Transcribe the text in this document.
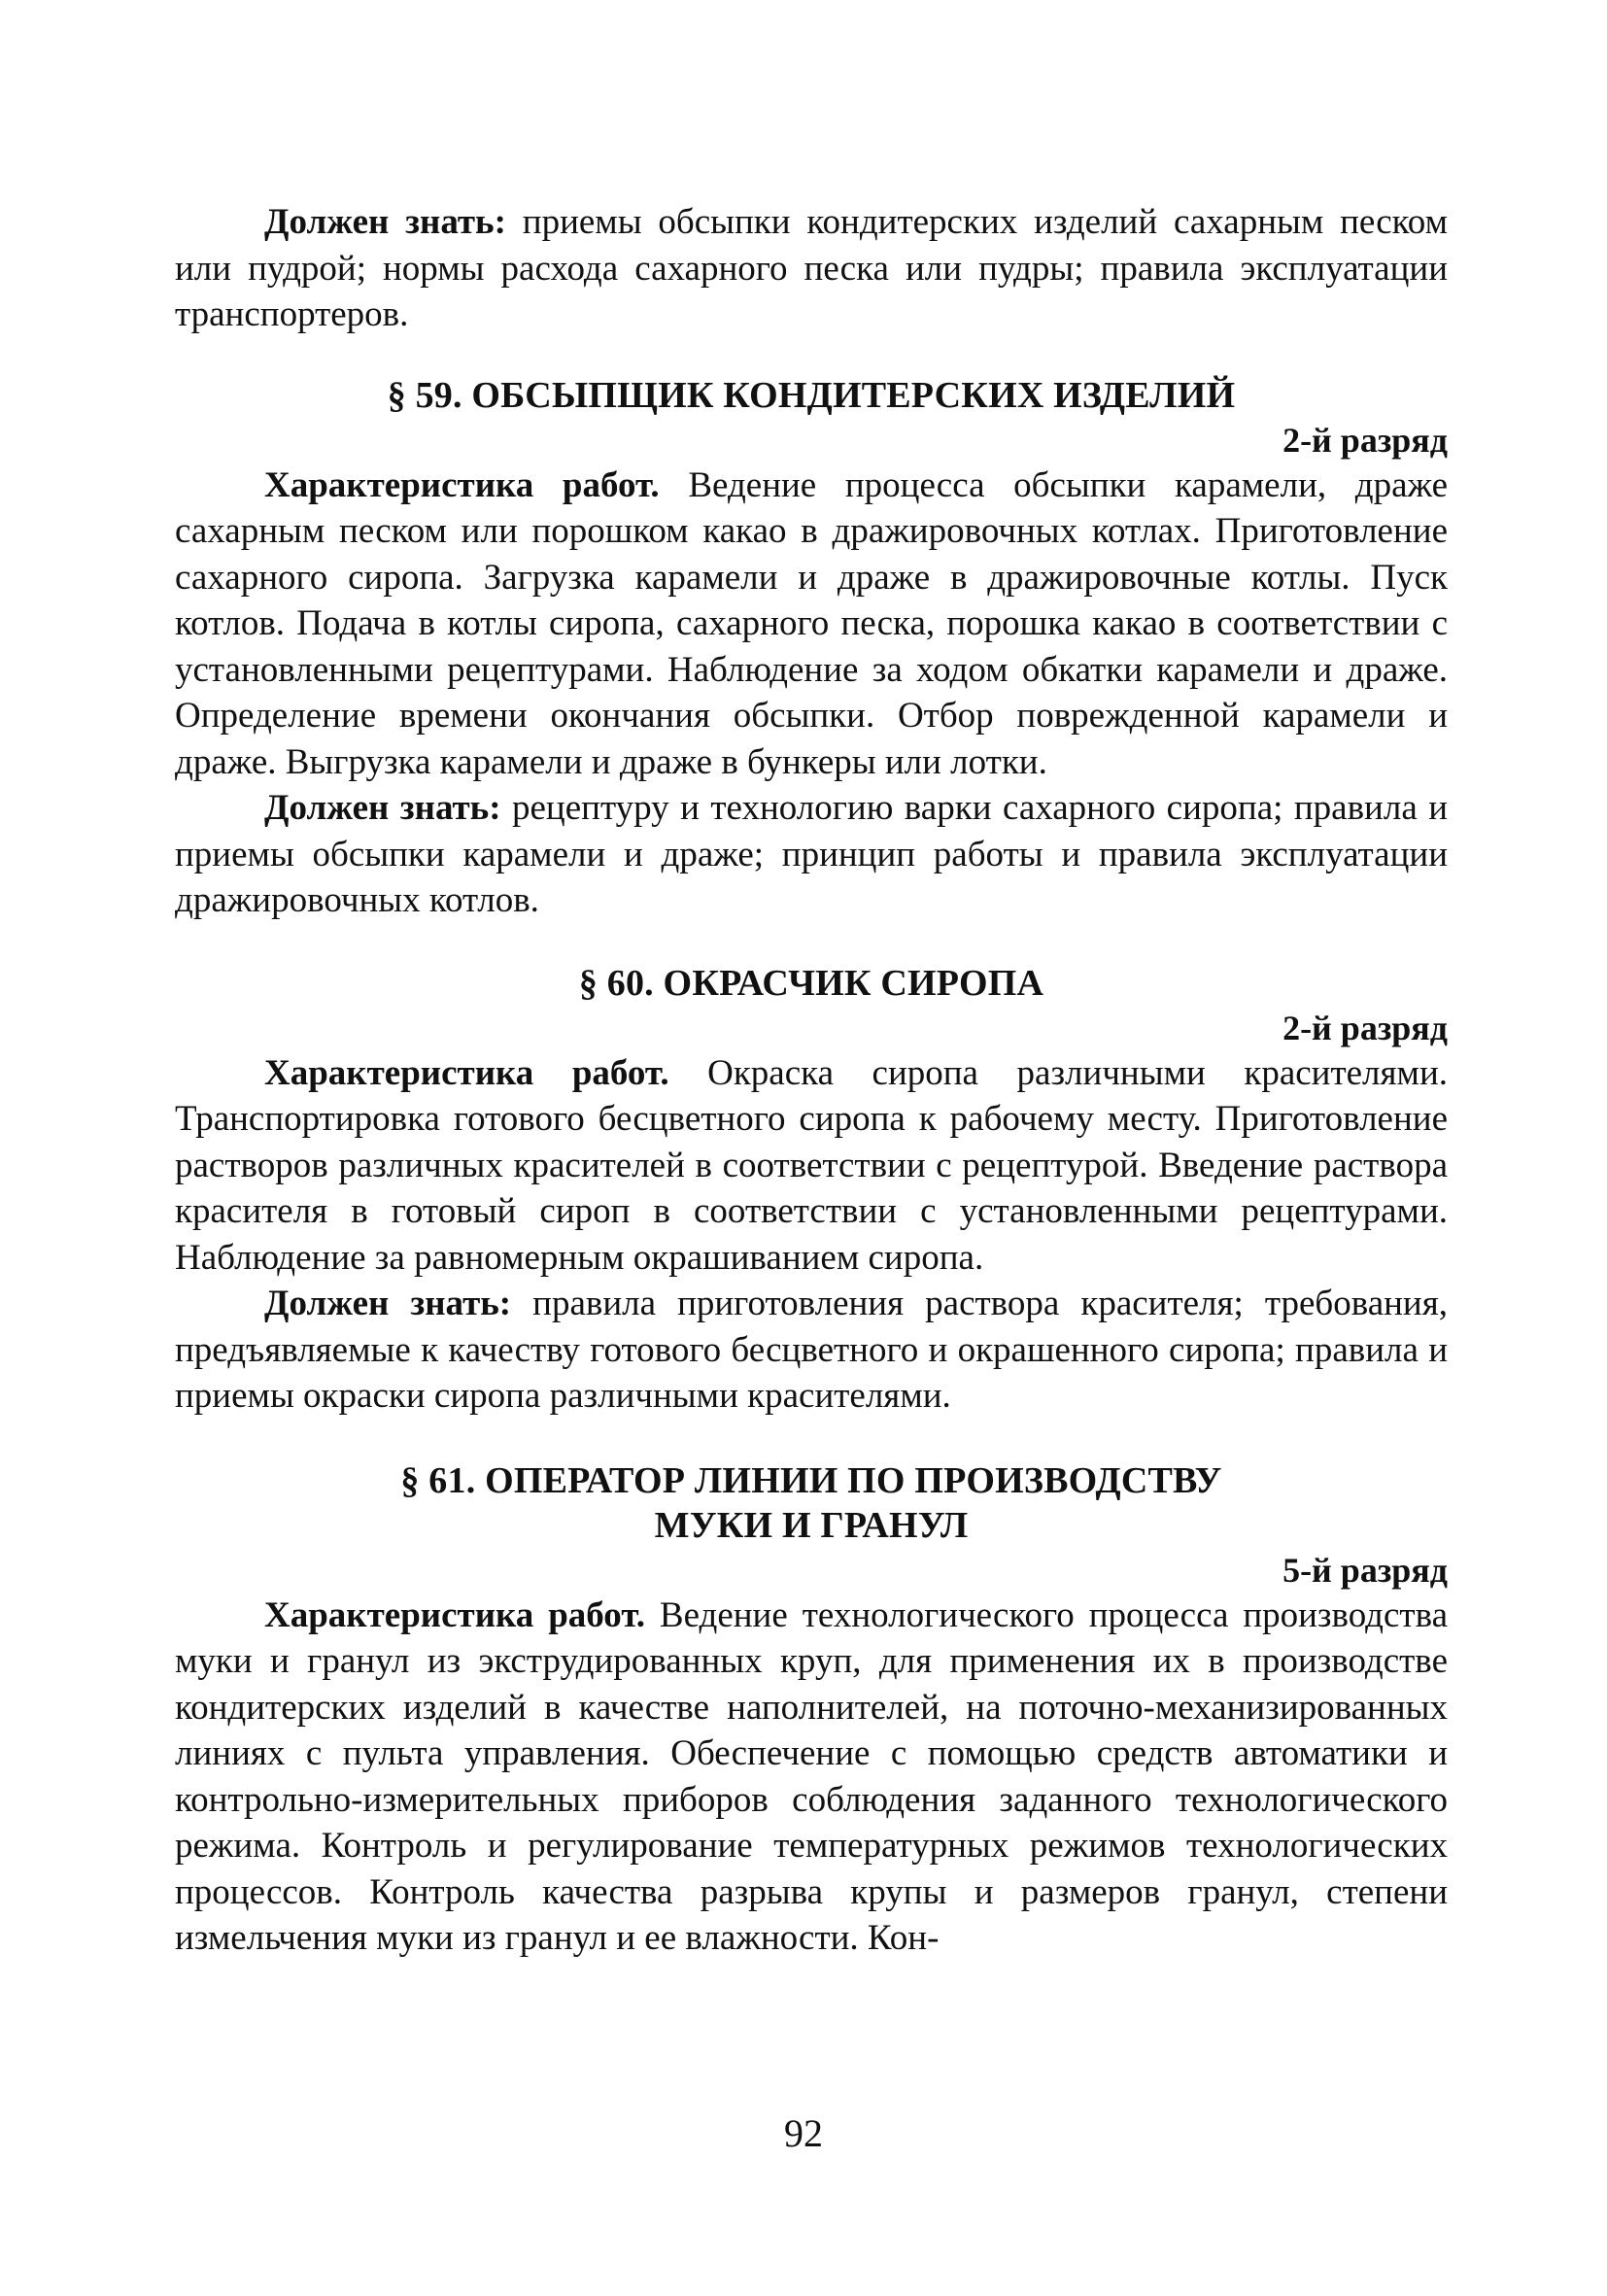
Должен знать: приемы обсыпки кондитерских изделий сахарным песком или пудрой; нормы расхода сахарного песка или пудры; правила эксплуатации транспортеров.

§ 59. ОБСЫПЩИК КОНДИТЕРСКИХ ИЗДЕЛИЙ

2-й разряд

Характеристика работ. Ведение процесса обсыпки карамели, драже сахарным песком или порошком какао в дражировочных котлах. Приготовление сахарного сиропа. Загрузка карамели и драже в дражировочные котлы. Пуск котлов. Подача в котлы сиропа, сахарного песка, порошка какао в соответствии с установленными рецептурами. Наблюдение за ходом обкатки карамели и драже. Определение времени окончания обсыпки. Отбор поврежденной карамели и драже. Выгрузка карамели и драже в бункеры или лотки.

Должен знать: рецептуру и технологию варки сахарного сиропа; правила и приемы обсыпки карамели и драже; принцип работы и правила эксплуатации дражировочных котлов.

§ 60. ОКРАСЧИК СИРОПА

2-й разряд

Характеристика работ. Окраска сиропа различными красителями. Транспортировка готового бесцветного сиропа к рабочему месту. Приготовление растворов различных красителей в соответствии с рецептурой. Введение раствора красителя в готовый сироп в соответствии с установленными рецептурами. Наблюдение за равномерным окрашиванием сиропа.

Должен знать: правила приготовления раствора красителя; требования, предъявляемые к качеству готового бесцветного и окрашенного сиропа; правила и приемы окраски сиропа различными красителями.

§ 61. ОПЕРАТОР ЛИНИИ ПО ПРОИЗВОДСТВУ
МУКИ И ГРАНУЛ

5-й разряд

Характеристика работ. Ведение технологического процесса производства муки и гранул из экструдированных круп, для применения их в производстве кондитерских изделий в качестве наполнителей, на поточно-механизированных линиях с пульта управления. Обеспечение с помощью средств автоматики и контрольно-измерительных приборов соблюдения заданного технологического режима. Контроль и регулирование температурных режимов технологических процессов. Контроль качества разрыва крупы и размеров гранул, степени измельчения муки из гранул и ее влажности. Кон-

92
